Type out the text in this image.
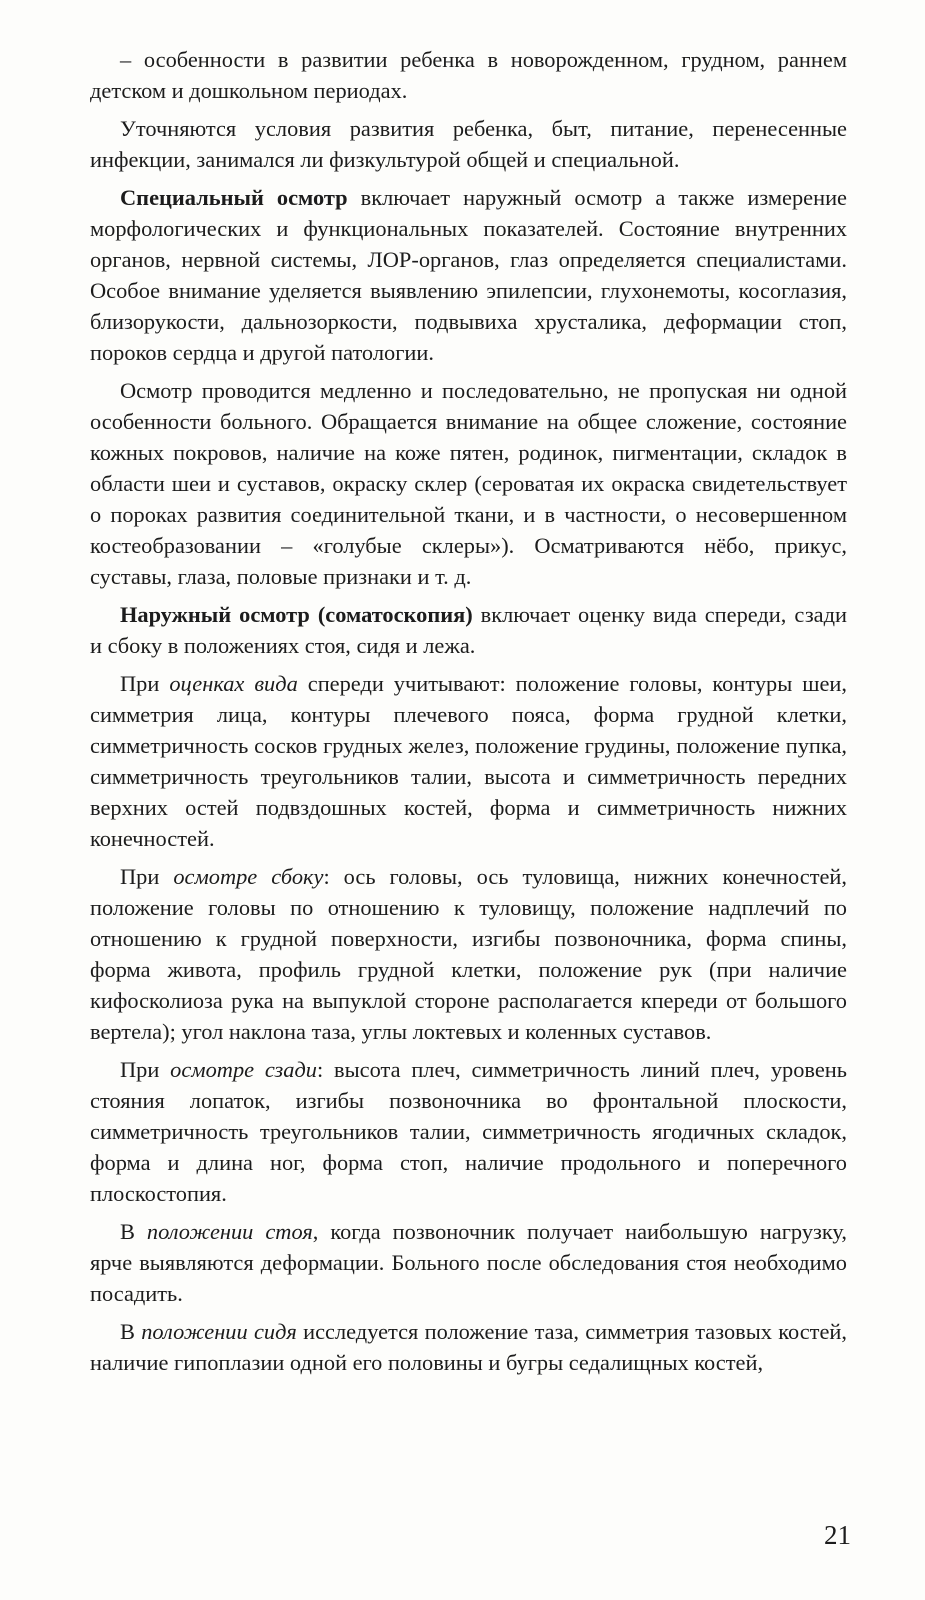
– особенности в развитии ребенка в новорожденном, грудном, раннем детском и дошкольном периодах.

Уточняются условия развития ребенка, быт, питание, перенесенные инфекции, занимался ли физкультурой общей и специальной.

Специальный осмотр включает наружный осмотр а также измерение морфологических и функциональных показателей. Состояние внутренних органов, нервной системы, ЛОР-органов, глаз определяется специалистами. Особое внимание уделяется выявлению эпилепсии, глухонемоты, косоглазия, близорукости, дальнозоркости, подвывиха хрусталика, деформации стоп, пороков сердца и другой патологии.

Осмотр проводится медленно и последовательно, не пропуская ни одной особенности больного. Обращается внимание на общее сложение, состояние кожных покровов, наличие на коже пятен, родинок, пигментации, складок в области шеи и суставов, окраску склер (сероватая их окраска свидетельствует о пороках развития соединительной ткани, и в частности, о несовершенном костеобразовании – «голубые склеры»). Осматриваются нёбо, прикус, суставы, глаза, половые признаки и т. д.

Наружный осмотр (соматоскопия) включает оценку вида спереди, сзади и сбоку в положениях стоя, сидя и лежа.

При оценках вида спереди учитывают: положение головы, контуры шеи, симметрия лица, контуры плечевого пояса, форма грудной клетки, симметричность сосков грудных желез, положение грудины, положение пупка, симметричность треугольников талии, высота и симметричность передних верхних остей подвздошных костей, форма и симметричность нижних конечностей.

При осмотре сбоку: ось головы, ось туловища, нижних конечностей, положение головы по отношению к туловищу, положение надплечий по отношению к грудной поверхности, изгибы позвоночника, форма спины, форма живота, профиль грудной клетки, положение рук (при наличие кифосколиоза рука на выпуклой стороне располагается кпереди от большого вертела); угол наклона таза, углы локтевых и коленных суставов.

При осмотре сзади: высота плеч, симметричность линий плеч, уровень стояния лопаток, изгибы позвоночника во фронтальной плоскости, симметричность треугольников талии, симметричность ягодичных складок, форма и длина ног, форма стоп, наличие продольного и поперечного плоскостопия.

В положении стоя, когда позвоночник получает наибольшую нагрузку, ярче выявляются деформации. Больного после обследования стоя необходимо посадить.

В положении сидя исследуется положение таза, симметрия тазовых костей, наличие гипоплазии одной его половины и бугры седалищных костей,

21
